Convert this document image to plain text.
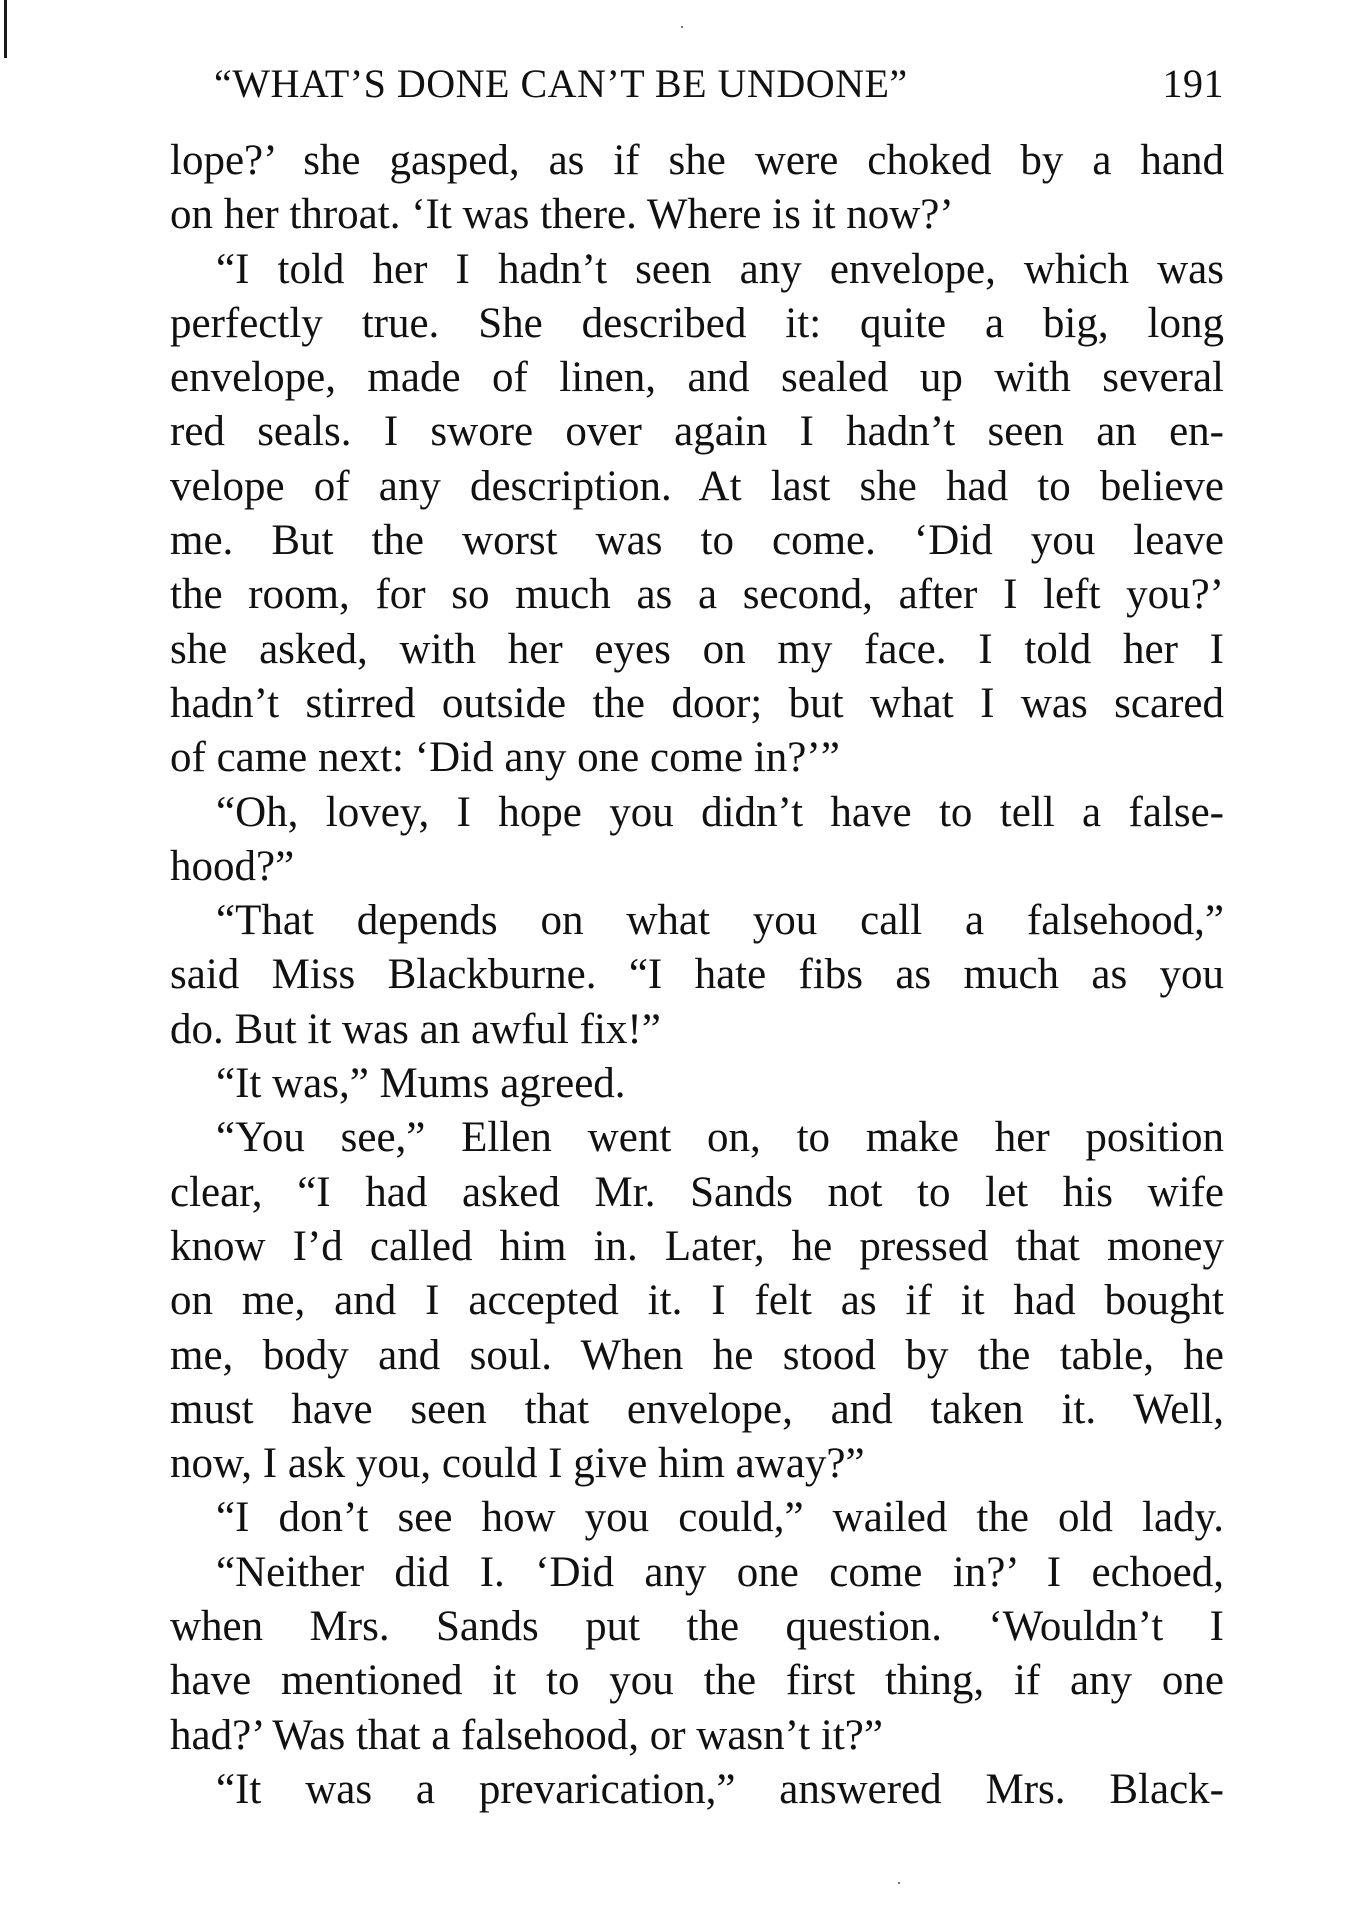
“WHAT’S DONE CAN’T BE UNDONE”	191
lope?’ she gasped, as if she were choked by a hand
on her throat. ‘It was there. Where is it now?’
“I told her I hadn’t seen any envelope, which was
perfectly true. She described it: quite a big, long
envelope, made of linen, and sealed up with several
red seals. I swore over again I hadn’t seen an en-
velope of any description. At last she had to believe
me. But the worst was to come. ‘Did you leave
the room, for so much as a second, after I left you?’
she asked, with her eyes on my face. I told her I
hadn’t stirred outside the door; but what I was scared
of came next: ‘Did any one come in?’”
“Oh, lovey, I hope you didn’t have to tell a false-
hood?”
“That depends on what you call a falsehood,”
said Miss Blackburne. “I hate fibs as much as you
do. But it was an awful fix!”
“It was,” Mums agreed.
“You see,” Ellen went on, to make her position
clear, “I had asked Mr. Sands not to let his wife
know I’d called him in. Later, he pressed that money
on me, and I accepted it. I felt as if it had bought
me, body and soul. When he stood by the table, he
must have seen that envelope, and taken it. Well,
now, I ask you, could I give him away?”
“I don’t see how you could,” wailed the old lady.
“Neither did I. ‘Did any one come in?’ I echoed,
when Mrs. Sands put the question. ‘Wouldn’t I
have mentioned it to you the first thing, if any one
had?’ Was that a falsehood, or wasn’t it?”
“It was a prevarication,” answered Mrs. Black-
